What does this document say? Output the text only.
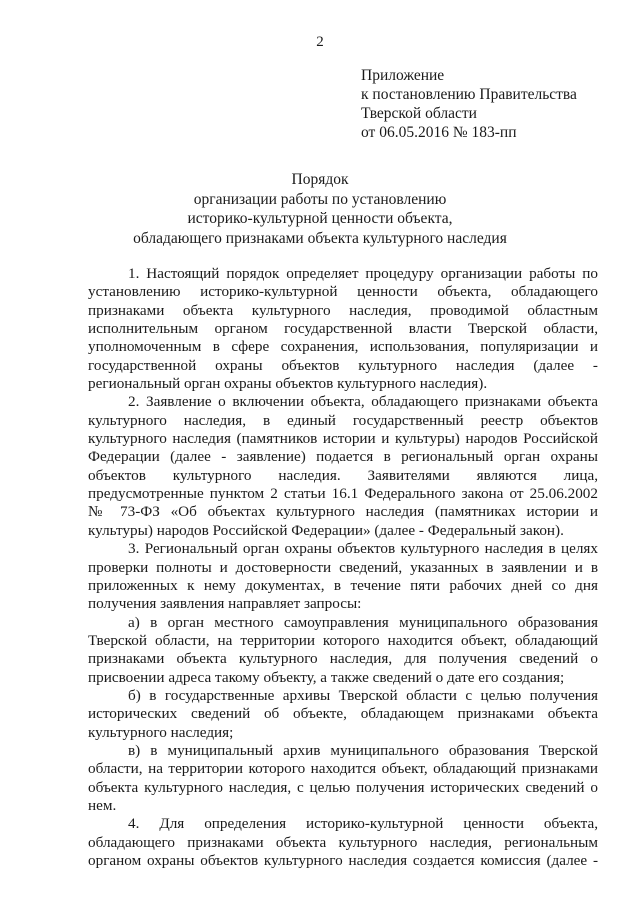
2
Приложение
к постановлению Правительства
Тверской области
от 06.05.2016 № 183-пп
Порядок
организации работы по установлению
историко-культурной ценности объекта,
обладающего признаками объекта культурного наследия
1. Настоящий порядок определяет процедуру организации работы по
установлению историко-культурной ценности объекта, обладающего
признаками объекта культурного наследия, проводимой областным
исполнительным органом государственной власти Тверской области,
уполномоченным в сфере сохранения, использования, популяризации и
государственной охраны объектов культурного наследия (далее -
региональный орган охраны объектов культурного наследия).
2. Заявление о включении объекта, обладающего признаками объекта
культурного наследия, в единый государственный реестр объектов
культурного наследия (памятников истории и культуры) народов Российской
Федерации (далее - заявление) подается в региональный орган охраны
объектов культурного наследия. Заявителями являются лица,
предусмотренные пунктом 2 статьи 16.1 Федерального закона от 25.06.2002
№ 73-ФЗ «Об объектах культурного наследия (памятниках истории и
культуры) народов Российской Федерации» (далее - Федеральный закон).
3. Региональный орган охраны объектов культурного наследия в целях
проверки полноты и достоверности сведений, указанных в заявлении и в
приложенных к нему документах, в течение пяти рабочих дней со дня
получения заявления направляет запросы:
а) в орган местного самоуправления муниципального образования
Тверской области, на территории которого находится объект, обладающий
признаками объекта культурного наследия, для получения сведений о
присвоении адреса такому объекту, а также сведений о дате его создания;
б) в государственные архивы Тверской области с целью получения
исторических сведений об объекте, обладающем признаками объекта
культурного наследия;
в) в муниципальный архив муниципального образования Тверской
области, на территории которого находится объект, обладающий признаками
объекта культурного наследия, с целью получения исторических сведений о
нем.
4. Для определения историко-культурной ценности объекта,
обладающего признаками объекта культурного наследия, региональным
органом охраны объектов культурного наследия создается комиссия (далее -
